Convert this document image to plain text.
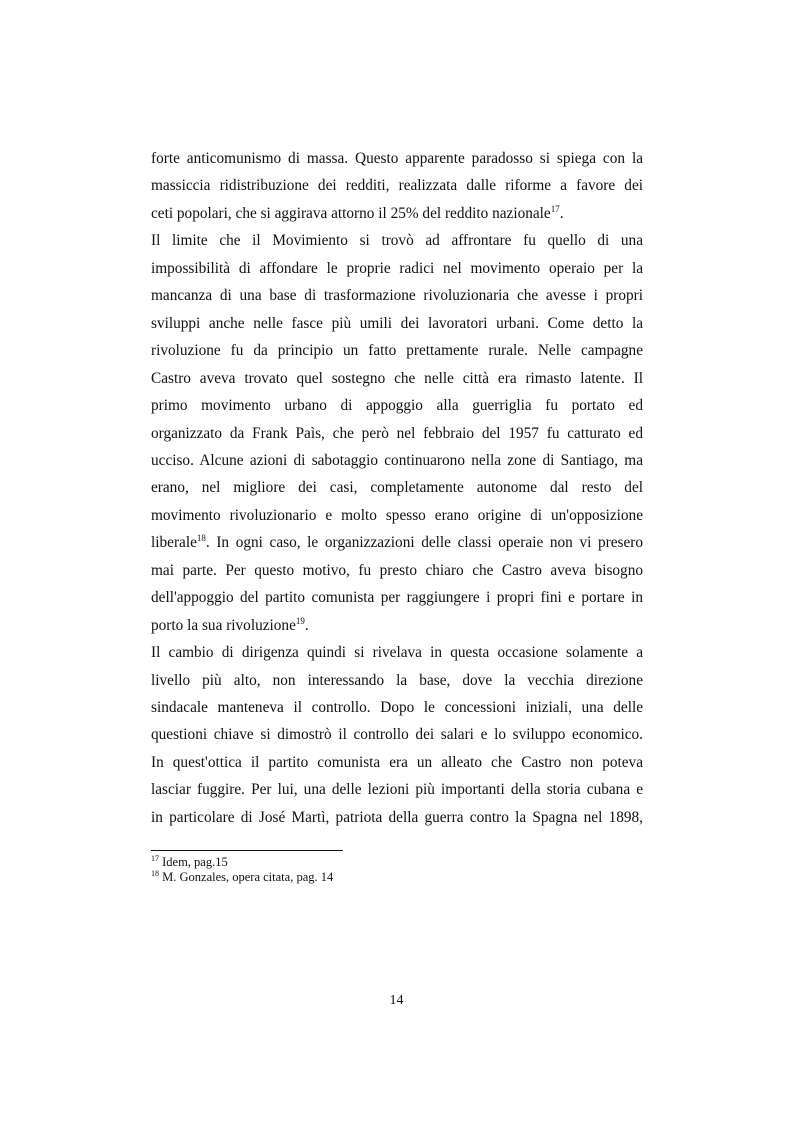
forte anticomunismo di massa. Questo apparente paradosso si spiega con la
massiccia ridistribuzione dei redditi, realizzata dalle riforme a favore dei
ceti popolari, che si aggirava attorno il 25% del reddito nazionale$^{17}$.
Il limite che il Movimiento si trovò ad affrontare fu quello di una
impossibilità di affondare le proprie radici nel movimento operaio per la
mancanza di una base di trasformazione rivoluzionaria che avesse i propri
sviluppi anche nelle fasce più umili dei lavoratori urbani. Come detto la
rivoluzione fu da principio un fatto prettamente rurale. Nelle campagne
Castro aveva trovato quel sostegno che nelle città era rimasto latente. Il
primo movimento urbano di appoggio alla guerriglia fu portato ed
organizzato da Frank Paìs, che però nel febbraio del 1957 fu catturato ed
ucciso. Alcune azioni di sabotaggio continuarono nella zone di Santiago, ma
erano, nel migliore dei casi, completamente autonome dal resto del
movimento rivoluzionario e molto spesso erano origine di un'opposizione
liberale$^{18}$. In ogni caso, le organizzazioni delle classi operaie non vi presero
mai parte. Per questo motivo, fu presto chiaro che Castro aveva bisogno
dell'appoggio del partito comunista per raggiungere i propri fini e portare in
porto la sua rivoluzione$^{19}$.
Il cambio di dirigenza quindi si rivelava in questa occasione solamente a
livello più alto, non interessando la base, dove la vecchia direzione
sindacale manteneva il controllo. Dopo le concessioni iniziali, una delle
questioni chiave si dimostrò il controllo dei salari e lo sviluppo economico.
In quest'ottica il partito comunista era un alleato che Castro non poteva
lasciar fuggire. Per lui, una delle lezioni più importanti della storia cubana e
in particolare di José Martì, patriota della guerra contro la Spagna nel 1898,
$^{17}$ Idem, pag.15
$^{18}$ M. Gonzales, opera citata, pag. 14
14
